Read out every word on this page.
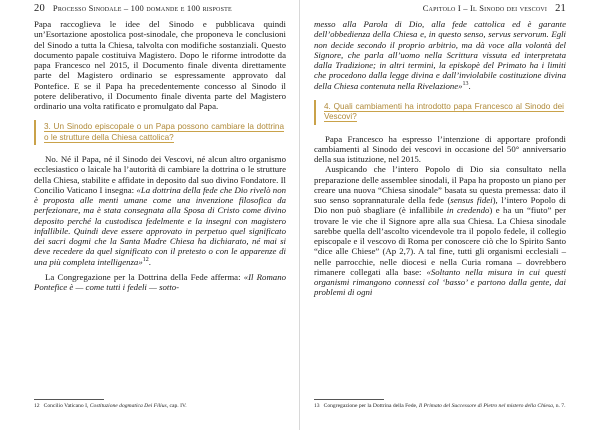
20 Processo Sinodale – 100 domande e 100 risposte

Papa raccoglieva le idee del Sinodo e pubblicava quindi un’Esortazione apostolica post-sinodale, che proponeva le conclusioni del Sinodo a tutta la Chiesa, talvolta con modifiche sostanziali. Questo documento papale costituiva Magistero. Dopo le riforme introdotte da papa Francesco nel 2015, il Documento finale diventa direttamente parte del Magistero ordinario se espressamente approvato dal Pontefice. E se il Papa ha precedentemente concesso al Sinodo il potere deliberativo, il Documento finale diventa parte del Magistero ordinario una volta ratificato e promulgato dal Papa.

3. Un Sinodo episcopale o un Papa possono cambiare la dottrina o le strutture della Chiesa cattolica?

No. Né il Papa, né il Sinodo dei Vescovi, né alcun altro organismo ecclesiastico o laicale ha l’autorità di cambiare la dottrina o le strutture della Chiesa, stabilite e affidate in deposito dal suo divino Fondatore. Il Concilio Vaticano I insegna: «La dottrina della fede che Dio rivelò non è proposta alle menti umane come una invenzione filosofica da perfezionare, ma è stata consegnata alla Sposa di Cristo come divino deposito perché la custodisca fedelmente e la insegni con magistero infallibile. Quindi deve essere approvato in perpetuo quel significato dei sacri dogmi che la Santa Madre Chiesa ha dichiarato, né mai si deve recedere da quel significato con il pretesto o con le apparenze di una più completa intelligenza»$^{12}$.

La Congregazione per la Dottrina della Fede afferma: «Il Romano Pontefice è — come tutti i fedeli — sotto-

12 Concilio Vaticano I, Costituzione dogmatica Dei Filius, cap. IV.
Capitolo I – Il Sinodo dei vescovi 21

messo alla Parola di Dio, alla fede cattolica ed è garante dell’obbedienza della Chiesa e, in questo senso, servus servorum. Egli non decide secondo il proprio arbitrio, ma dà voce alla volontà del Signore, che parla all’uomo nella Scrittura vissuta ed interpretata dalla Tradizione; in altri termini, la episkopè del Primato ha i limiti che procedono dalla legge divina e dall’inviolabile costituzione divina della Chiesa contenuta nella Rivelazione»$^{13}$.

4. Quali cambiamenti ha introdotto papa Francesco al Sinodo dei Vescovi?

Papa Francesco ha espresso l’intenzione di apportare profondi cambiamenti al Sinodo dei vescovi in occasione del 50° anniversario della sua istituzione, nel 2015.

Auspicando che l’intero Popolo di Dio sia consultato nella preparazione delle assemblee sinodali, il Papa ha proposto un piano per creare una nuova “Chiesa sinodale” basata su questa premessa: dato il suo senso soprannaturale della fede (sensus fidei), l’intero Popolo di Dio non può sbagliare (è infallibile in credendo) e ha un “fiuto” per trovare le vie che il Signore apre alla sua Chiesa. La Chiesa sinodale sarebbe quella dell’ascolto vicendevole tra il popolo fedele, il collegio episcopale e il vescovo di Roma per conoscere ciò che lo Spirito Santo “dice alle Chiese” (Ap 2,7). A tal fine, tutti gli organismi ecclesiali – nelle parrocchie, nelle diocesi e nella Curia romana – dovrebbero rimanere collegati alla base: «Soltanto nella misura in cui questi organismi rimangono connessi col ‘basso’ e partono dalla gente, dai problemi di ogni

13 Congregazione per la Dottrina della Fede, Il Primato del Successore di Pietro nel mistero della Chiesa, n. 7.
